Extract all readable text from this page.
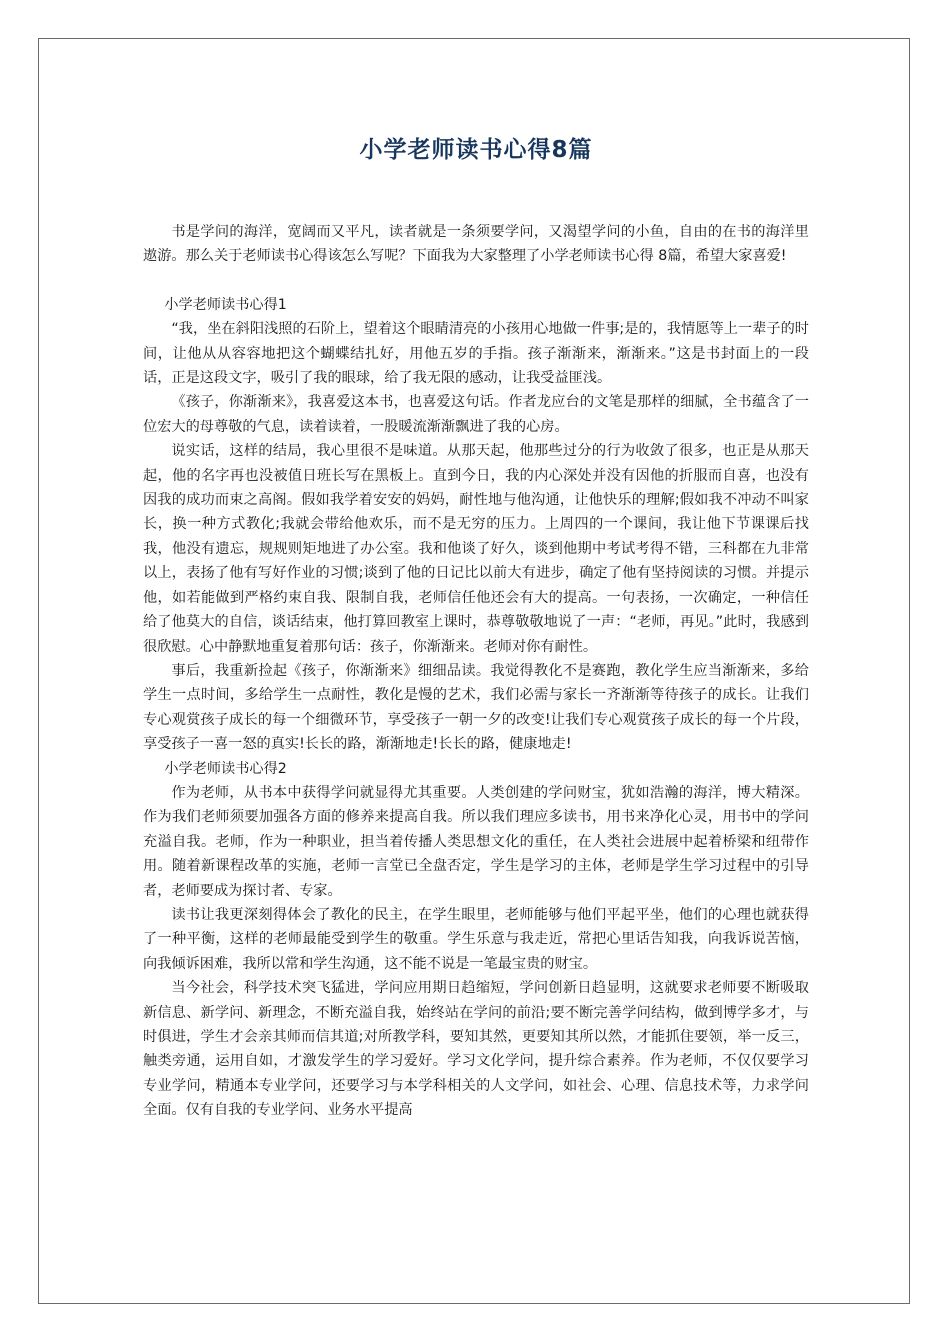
小学老师读书心得8篇

书是学问的海洋，宽阔而又平凡，读者就是一条须要学问，又渴望学问的小鱼，自由的在书的海洋里遨游。那么关于老师读书心得该怎么写呢？下面我为大家整理了小学老师读书心得 8篇，希望大家喜爱!

小学老师读书心得1

“我，坐在斜阳浅照的石阶上，望着这个眼睛清亮的小孩用心地做一件事;是的，我情愿等上一辈子的时间，让他从从容容地把这个蝴蝶结扎好，用他五岁的手指。孩子渐渐来，渐渐来。”这是书封面上的一段话，正是这段文字，吸引了我的眼球，给了我无限的感动，让我受益匪浅。

《孩子，你渐渐来》，我喜爱这本书，也喜爱这句话。作者龙应台的文笔是那样的细腻，全书蕴含了一位宏大的母尊敬的气息，读着读着，一股暖流渐渐飘进了我的心房。

说实话，这样的结局，我心里很不是味道。从那天起，他那些过分的行为收敛了很多，也正是从那天起，他的名字再也没被值日班长写在黑板上。直到今日，我的内心深处并没有因他的折服而自喜，也没有因我的成功而束之高阁。假如我学着安安的妈妈，耐性地与他沟通，让他快乐的理解;假如我不冲动不叫家长，换一种方式教化;我就会带给他欢乐，而不是无穷的压力。上周四的一个课间，我让他下节课课后找我，他没有遗忘，规规则矩地进了办公室。我和他谈了好久，谈到他期中考试考得不错，三科都在九非常以上，表扬了他有写好作业的习惯;谈到了他的日记比以前大有进步，确定了他有坚持阅读的习惯。并提示他，如若能做到严格约束自我、限制自我，老师信任他还会有大的提高。一句表扬，一次确定，一种信任给了他莫大的自信，谈话结束，他打算回教室上课时，恭尊敬敬地说了一声：“老师，再见。”此时，我感到很欣慰。心中静默地重复着那句话：孩子，你渐渐来。老师对你有耐性。

事后，我重新捡起《孩子，你渐渐来》细细品读。我觉得教化不是赛跑，教化学生应当渐渐来，多给学生一点时间，多给学生一点耐性，教化是慢的艺术，我们必需与家长一齐渐渐等待孩子的成长。让我们专心观赏孩子成长的每一个细微环节，享受孩子一朝一夕的改变!让我们专心观赏孩子成长的每一个片段，享受孩子一喜一怒的真实!长长的路，渐渐地走!长长的路，健康地走!

小学老师读书心得2

作为老师，从书本中获得学问就显得尤其重要。人类创建的学问财宝，犹如浩瀚的海洋，博大精深。作为我们老师须要加强各方面的修养来提高自我。所以我们理应多读书，用书来净化心灵，用书中的学问充溢自我。老师，作为一种职业，担当着传播人类思想文化的重任，在人类社会进展中起着桥梁和纽带作用。随着新课程改革的实施，老师一言堂已全盘否定，学生是学习的主体，老师是学生学习过程中的引导者，老师要成为探讨者、专家。

读书让我更深刻得体会了教化的民主，在学生眼里，老师能够与他们平起平坐，他们的心理也就获得了一种平衡，这样的老师最能受到学生的敬重。学生乐意与我走近，常把心里话告知我，向我诉说苦恼，向我倾诉困难，我所以常和学生沟通，这不能不说是一笔最宝贵的财宝。

当今社会，科学技术突飞猛进，学问应用期日趋缩短，学问创新日趋显明，这就要求老师要不断吸取新信息、新学问、新理念，不断充溢自我，始终站在学问的前沿;要不断完善学问结构，做到博学多才，与时俱进，学生才会亲其师而信其道;对所教学科，要知其然，更要知其所以然，才能抓住要领，举一反三，触类旁通，运用自如，才激发学生的学习爱好。学习文化学问，提升综合素养。作为老师，不仅仅要学习专业学问，精通本专业学问，还要学习与本学科相关的人文学问，如社会、心理、信息技术等，力求学问全面。仅有自我的专业学问、业务水平提高
